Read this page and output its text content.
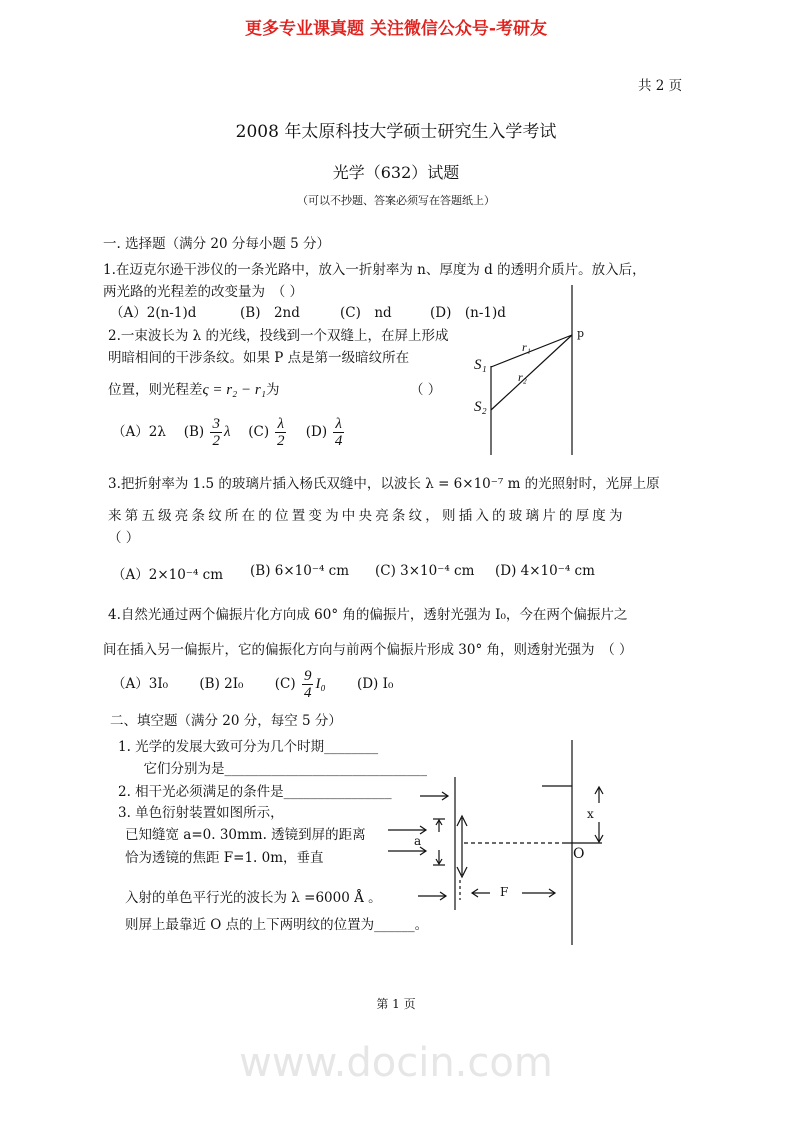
更多专业课真题 关注微信公众号-考研友
共 2 页
2008 年太原科技大学硕士研究生入学考试
光学（632）试题
（可以不抄题、答案必须写在答题纸上）
www.docin.com
一. 选择题（满分 20 分每小题 5 分）
1.在迈克尔逊干涉仪的一条光路中，放入一折射率为 n、厚度为 d 的透明介质片。放入后，
两光路的光程差的改变量为　（ ）
（A）2(n-1)d	(B)　2nd	(C)　nd	(D)　(n-1)d
2.一束波长为 λ 的光线，投线到一个双缝上，在屏上形成
明暗相间的干涉条纹。如果 P 点是第一级暗纹所在
位置，则光程差ς = r₂ − r₁为	（ ）
（A）2λ　 $(B) \frac{3}{2}$ λ　 $(C) \frac{\lambda}{2}$
　 $(D) \frac{\lambda}{4}$
p
r₁
r₂
S₁
S₂
3.把折射率为 1.5 的玻璃片插入杨氏双缝中，以波长 λ = 6×10⁻⁷ m 的光照射时，光屏上原
来第五级亮条纹所在的位置变为中央亮条纹，则插入的玻璃片的厚度为
（ ）
（A）2×10⁻⁴ cm (B) 6×10⁻⁴ cm (C) 3×10⁻⁴ cm (D) 4×10⁻⁴ cm
4.自然光通过两个偏振片化方向成 60° 角的偏振片，透射光强为 I₀，今在两个偏振片之
间在插入另一偏振片，它的偏振化方向与前两个偏振片形成 30° 角，则透射光强为　（ ）
（A）3I₀　　 (B) 2I₀　　 $(C) \frac{9}{4} I_0$　　 (D) I₀
二、填空题（满分 20 分，每空 5 分）
1. 光学的发展大致可分为几个时期________
　它们分别为是______________________________
2. 相干光必须满足的条件是________________
3. 单色衍射装置如图所示，
已知缝宽 a=0. 30mm. 透镜到屏的距离
恰为透镜的焦距 F=1. 0m，垂直
入射的单色平行光的波长为 λ =6000 Å 。
则屏上最靠近 O 点的上下两明纹的位置为______。
a
x
O
F
第 1 页
